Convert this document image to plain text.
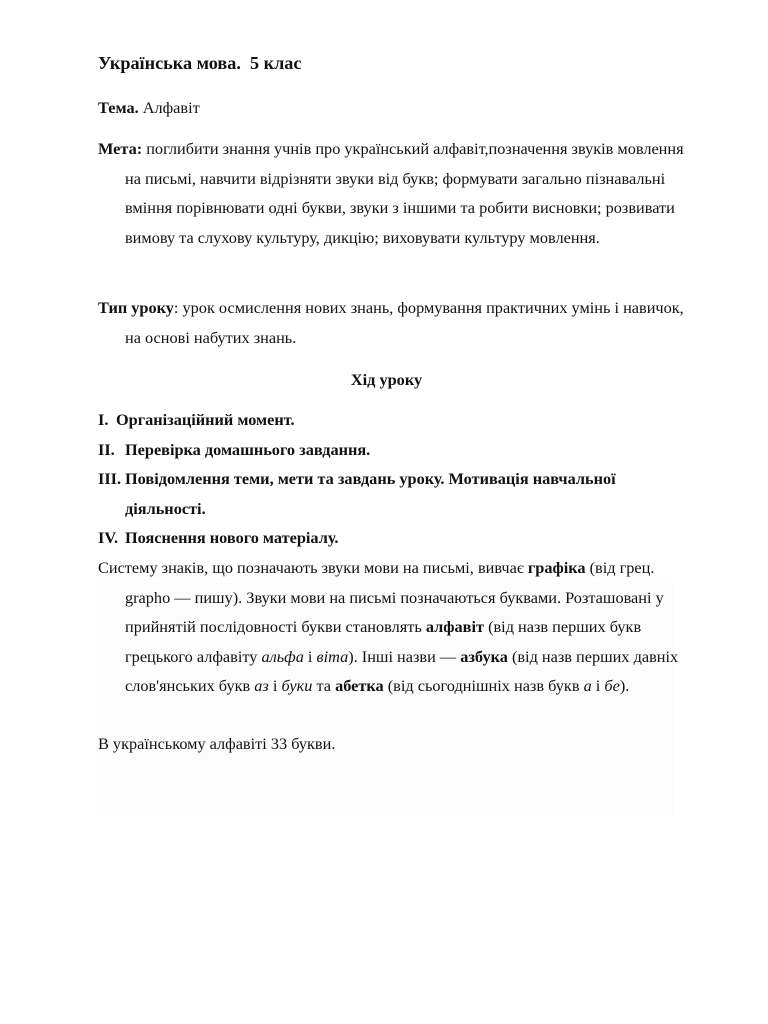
Українська мова.  5 клас
Тема. Алфавіт
Мета: поглибити знання учнів про український алфавіт,позначення звуків мовлення на письмі, навчити відрізняти звуки від букв; формувати загально пізнавальні вміння порівнювати одні букви, звуки з іншими та робити висновки; розвивати вимову та слухову культуру, дикцію; виховувати культуру мовлення.
Тип уроку: урок осмислення нових знань, формування практичних умінь і навичок, на основі набутих знань.
Хід уроку
I. Організаційний момент.
II. Перевірка домашнього завдання.
III. Повідомлення теми, мети та завдань уроку. Мотивація навчальної діяльності.
IV. Пояснення нового матеріалу.
Систему знаків, що позначають звуки мови на письмі, вивчає графіка (від грец. grapho — пишу). Звуки мови на письмі позначаються буквами. Розташовані у прийнятій послідовності букви становлять алфавіт (від назв перших букв грецького алфавіту альфа і віта). Інші назви — азбука (від назв перших давніх слов'янських букв аз і буки та абетка (від сьогоднішніх назв букв а і бе).
В українському алфавіті 33 букви.
